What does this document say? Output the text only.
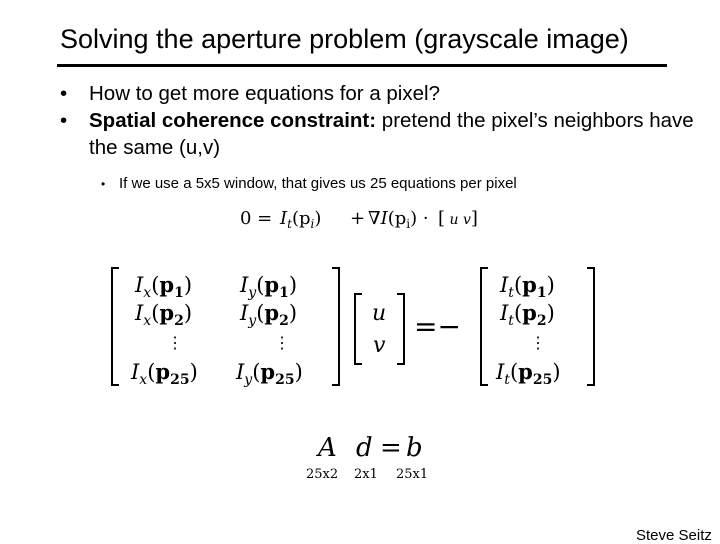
Solving the aperture problem (grayscale image)
• How to get more equations for a pixel?
• Spatial coherence constraint: pretend the pixel’s neighbors have the same (u,v)
• If we use a 5x5 window, that gives us 25 equations per pixel
$0 = I_t(p_i) + \nabla I(p_i)$ · [ u v]
$I_x(p_1)$ $I_y(p_1)$
$I_x(p_2)$ $I_y(p_2)$
⋮	⋮
$I_x(p_{25})$ $I_y(p_{25})$
u
v
=−
$I_t(p_1)$
$I_t(p_2)$
⋮
$I_t(p_{25})$
A d = b
25x2 2x1 25x1
Steve Seitz
